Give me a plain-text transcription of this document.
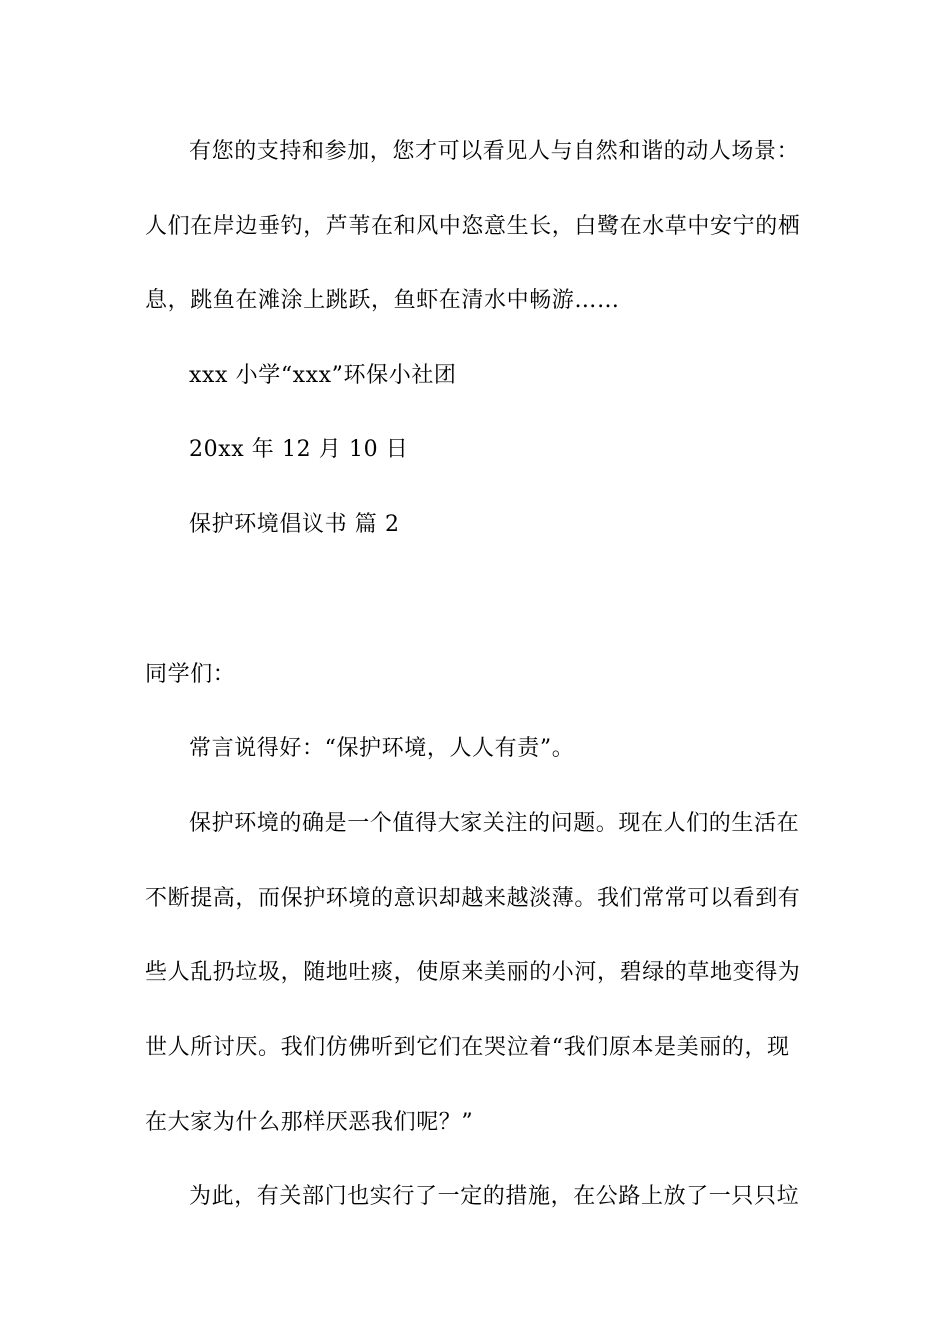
有您的支持和参加，您才可以看见人与自然和谐的动人场景：
人们在岸边垂钓，芦苇在和风中恣意生长，白鹭在水草中安宁的栖
息，跳鱼在滩涂上跳跃，鱼虾在清水中畅游……
xxx 小学“xxx”环保小社团
20xx 年 12 月 10 日
保护环境倡议书 篇 2
同学们：
常言说得好：“保护环境，人人有责”。
保护环境的确是一个值得大家关注的问题。现在人们的生活在
不断提高，而保护环境的意识却越来越淡薄。我们常常可以看到有
些人乱扔垃圾，随地吐痰，使原来美丽的小河，碧绿的草地变得为
世人所讨厌。我们仿佛听到它们在哭泣着“我们原本是美丽的，现
在大家为什么那样厌恶我们呢？”
为此，有关部门也实行了一定的措施，在公路上放了一只只垃
